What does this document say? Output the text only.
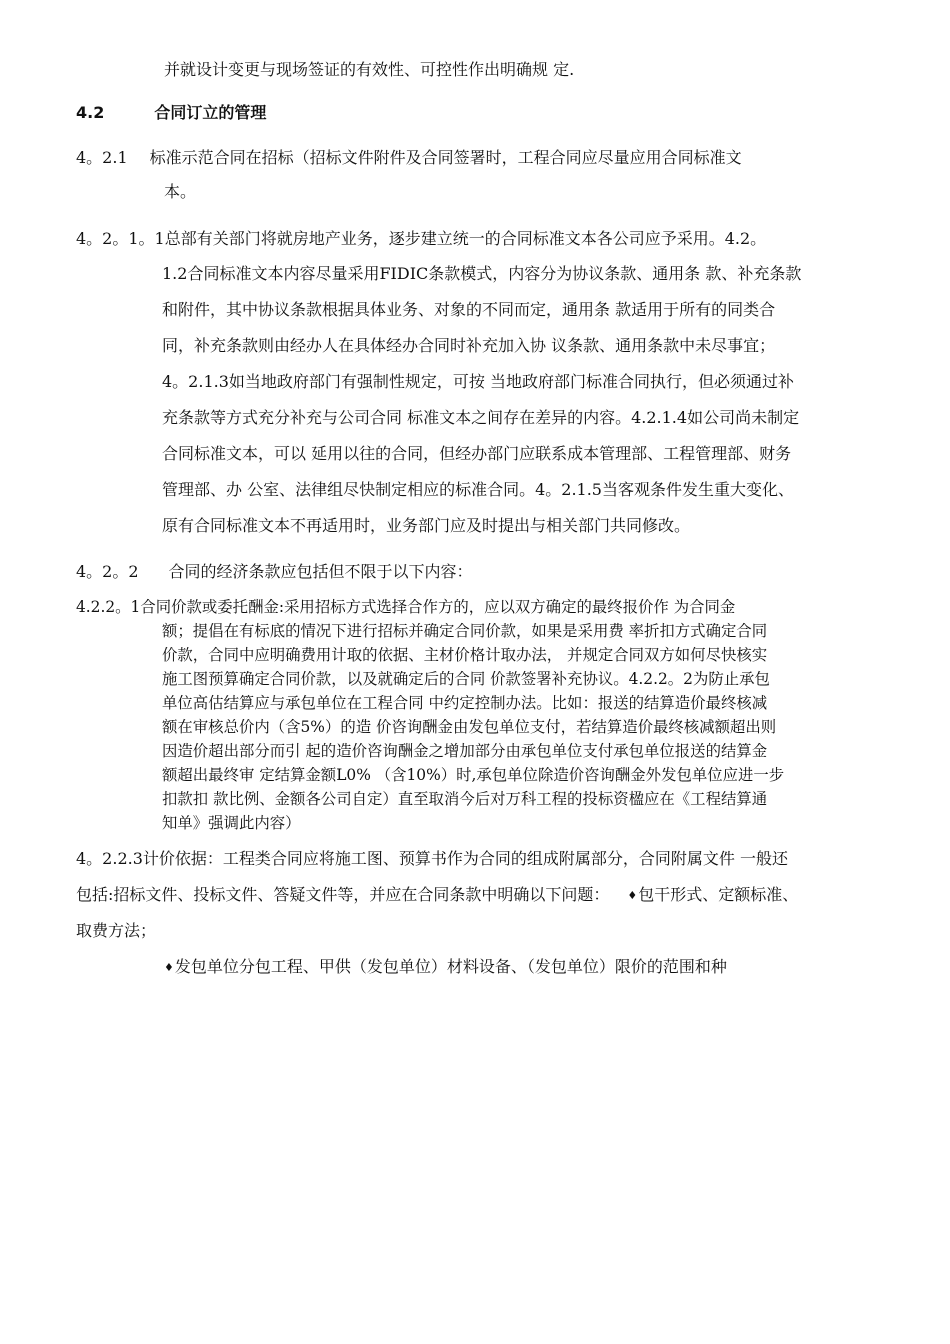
并就设计变更与现场签证的有效性、可控性作出明确规 定.
4.2	合同订立的管理
4。2.1 标准示范合同在招标（招标文件附件及合同签署时，工程合同应尽量应用合同标准文
本。
4。2。1。1总部有关部门将就房地产业务，逐步建立统一的合同标准文本各公司应予采用。4.2。
1.2合同标准文本内容尽量采用FIDIC条款模式，内容分为协议条款、通用条 款、补充条款
和附件，其中协议条款根据具体业务、对象的不同而定，通用条 款适用于所有的同类合
同，补充条款则由经办人在具体经办合同时补充加入协 议条款、通用条款中未尽事宜；
4。2.1.3如当地政府部门有强制性规定，可按 当地政府部门标准合同执行，但必须通过补
充条款等方式充分补充与公司合同 标准文本之间存在差异的内容。4.2.1.4如公司尚未制定
合同标准文本，可以 延用以往的合同，但经办部门应联系成本管理部、工程管理部、财务
管理部、办 公室、法律组尽快制定相应的标准合同。4。2.1.5当客观条件发生重大变化、
原有合同标准文本不再适用时，业务部门应及时提出与相关部门共同修改。
4。2。2 合同的经济条款应包括但不限于以下内容：
4.2.2。1合同价款或委托酬金:采用招标方式选择合作方的，应以双方确定的最终报价作 为合同金
额；提倡在有标底的情况下进行招标并确定合同价款，如果是采用费 率折扣方式确定合同
价款，合同中应明确费用计取的依据、主材价格计取办法， 并规定合同双方如何尽快核实
施工图预算确定合同价款，以及就确定后的合同 价款签署补充协议。4.2.2。2为防止承包
单位高估结算应与承包单位在工程合同 中约定控制办法。比如：报送的结算造价最终核减
额在审核总价内（含5%）的造 价咨询酬金由发包单位支付，若结算造价最终核减额超出则
因造价超出部分而引 起的造价咨询酬金之增加部分由承包单位支付承包单位报送的结算金
额超出最终审 定结算金额L0% （含10%）时,承包单位除造价咨询酬金外发包单位应进一步
扣款扣 款比例、金额各公司自定）直至取消今后对万科工程的投标资楹应在《工程结算通
知单》强调此内容）
4。2.2.3计价依据：工程类合同应将施工图、预算书作为合同的组成附属部分，合同附属文件 一般还
包括:招标文件、投标文件、答疑文件等，并应在合同条款中明确以下问题： ♦包干形式、定额标准、
取费方法；
♦发包单位分包工程、甲供（发包单位）材料设备、（发包单位）限价的范围和种
